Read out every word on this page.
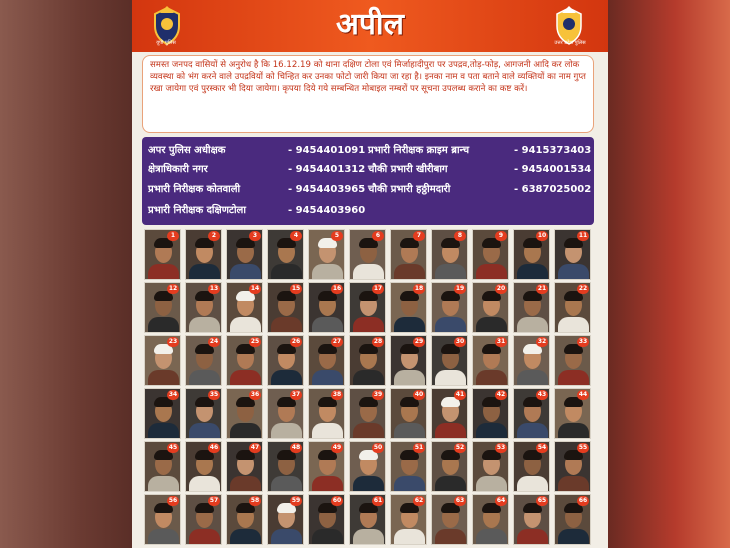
यूपी पुलिस
अपील
उत्तर प्रदेश पुलिस

समस्त जनपद वासियों से अनुरोध है कि 16.12.19 को थाना दक्षिण टोला एवं मिर्जाहादीपुरा पर उपद्रव,तोड़-फोड़, आगजनी आदि कर लोक व्यवस्था को भंग करने वाले उपद्रवियों को चिन्हित कर उनका फोटो जारी किया जा रहा है। इनका नाम व पता बताने वाले व्यक्तियों का नाम गुप्त रखा जायेगा एवं पुरस्कार भी दिया जायेगा। कृपया दिये गये सम्बन्धित मोबाइल नम्बरों पर सूचना उपलब्ध कराने का कष्ट करें।

अपर पुलिस अधीक्षक	- 9454401091 प्रभारी निरीक्षक क्राइम ब्रान्च	- 9415373403
क्षेत्राधिकारी नगर	- 9454401312 चौकी प्रभारी खीरीबाग	- 9454001534
प्रभारी निरीक्षक कोतवाली	- 9454403965 चौकी प्रभारी हठ्ठीमदारी	- 6387025002
प्रभारी निरीक्षक दक्षिणटोला	- 9454403960
1	2	3	4	5	6	7	8	9	10	11
12	13	14	15	16	17	18	19	20	21	22
23	24	25	26	27	28	29	30	31	32	33
34	35	36	37	38	39	40	41	42	43	44
45	46	47	48	49	50	51	52	53	54	55
56	57	58	59	60	61	62	63	64	65	66
